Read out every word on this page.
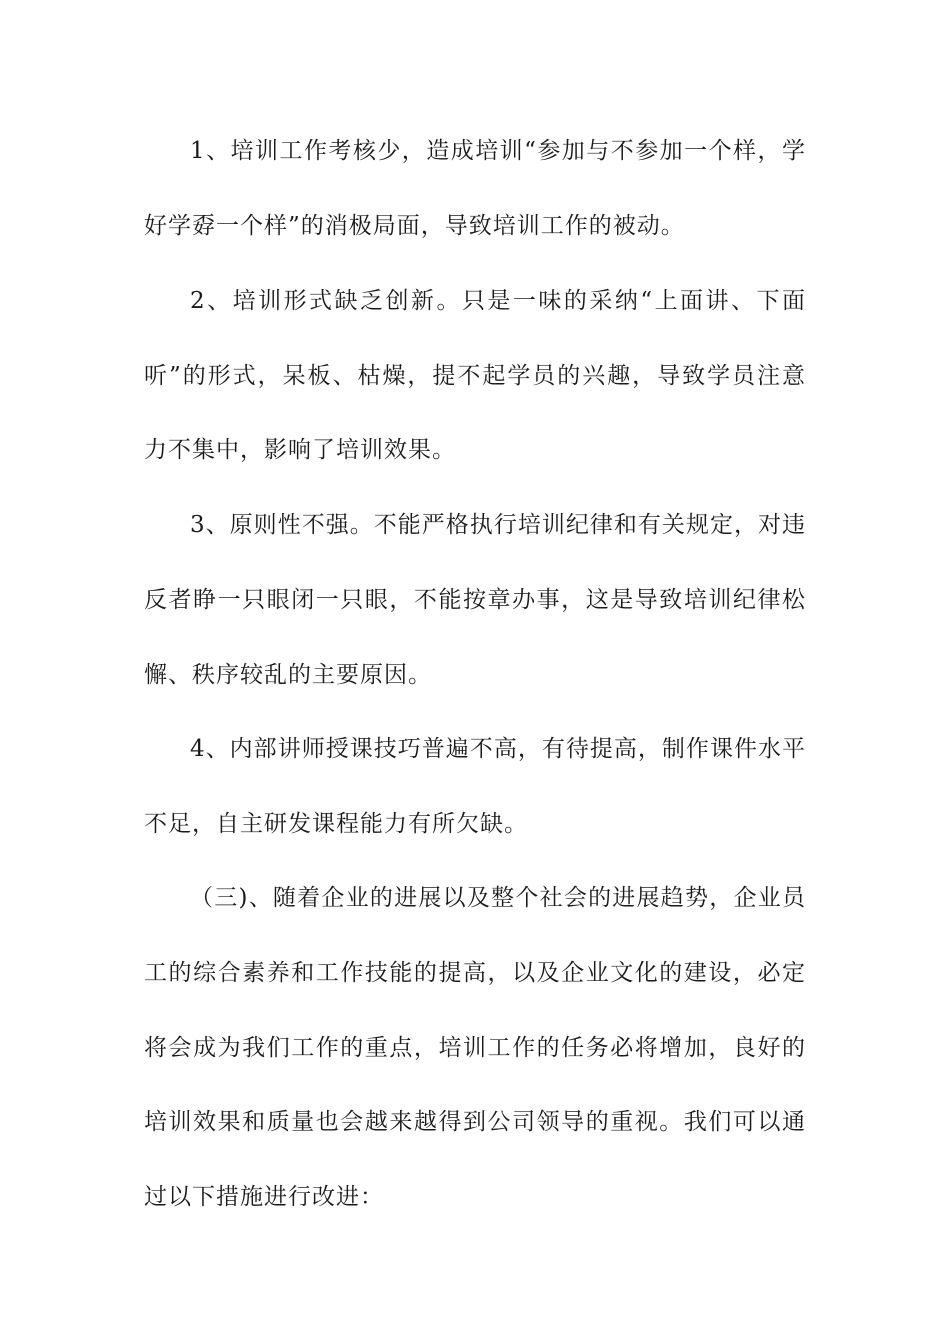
1、培训工作考核少，造成培训“参加与不参加一个样，学
好学孬一个样”的消极局面，导致培训工作的被动。
2、培训形式缺乏创新。只是一味的采纳“上面讲、下面
听”的形式，呆板、枯燥，提不起学员的兴趣，导致学员注意
力不集中，影响了培训效果。
3、原则性不强。不能严格执行培训纪律和有关规定，对违
反者睁一只眼闭一只眼，不能按章办事，这是导致培训纪律松
懈、秩序较乱的主要原因。
4、内部讲师授课技巧普遍不高，有待提高，制作课件水平
不足，自主研发课程能力有所欠缺。
（三)、随着企业的进展以及整个社会的进展趋势，企业员
工的综合素养和工作技能的提高，以及企业文化的建设，必定
将会成为我们工作的重点，培训工作的任务必将增加，良好的
培训效果和质量也会越来越得到公司领导的重视。我们可以通
过以下措施进行改进：
